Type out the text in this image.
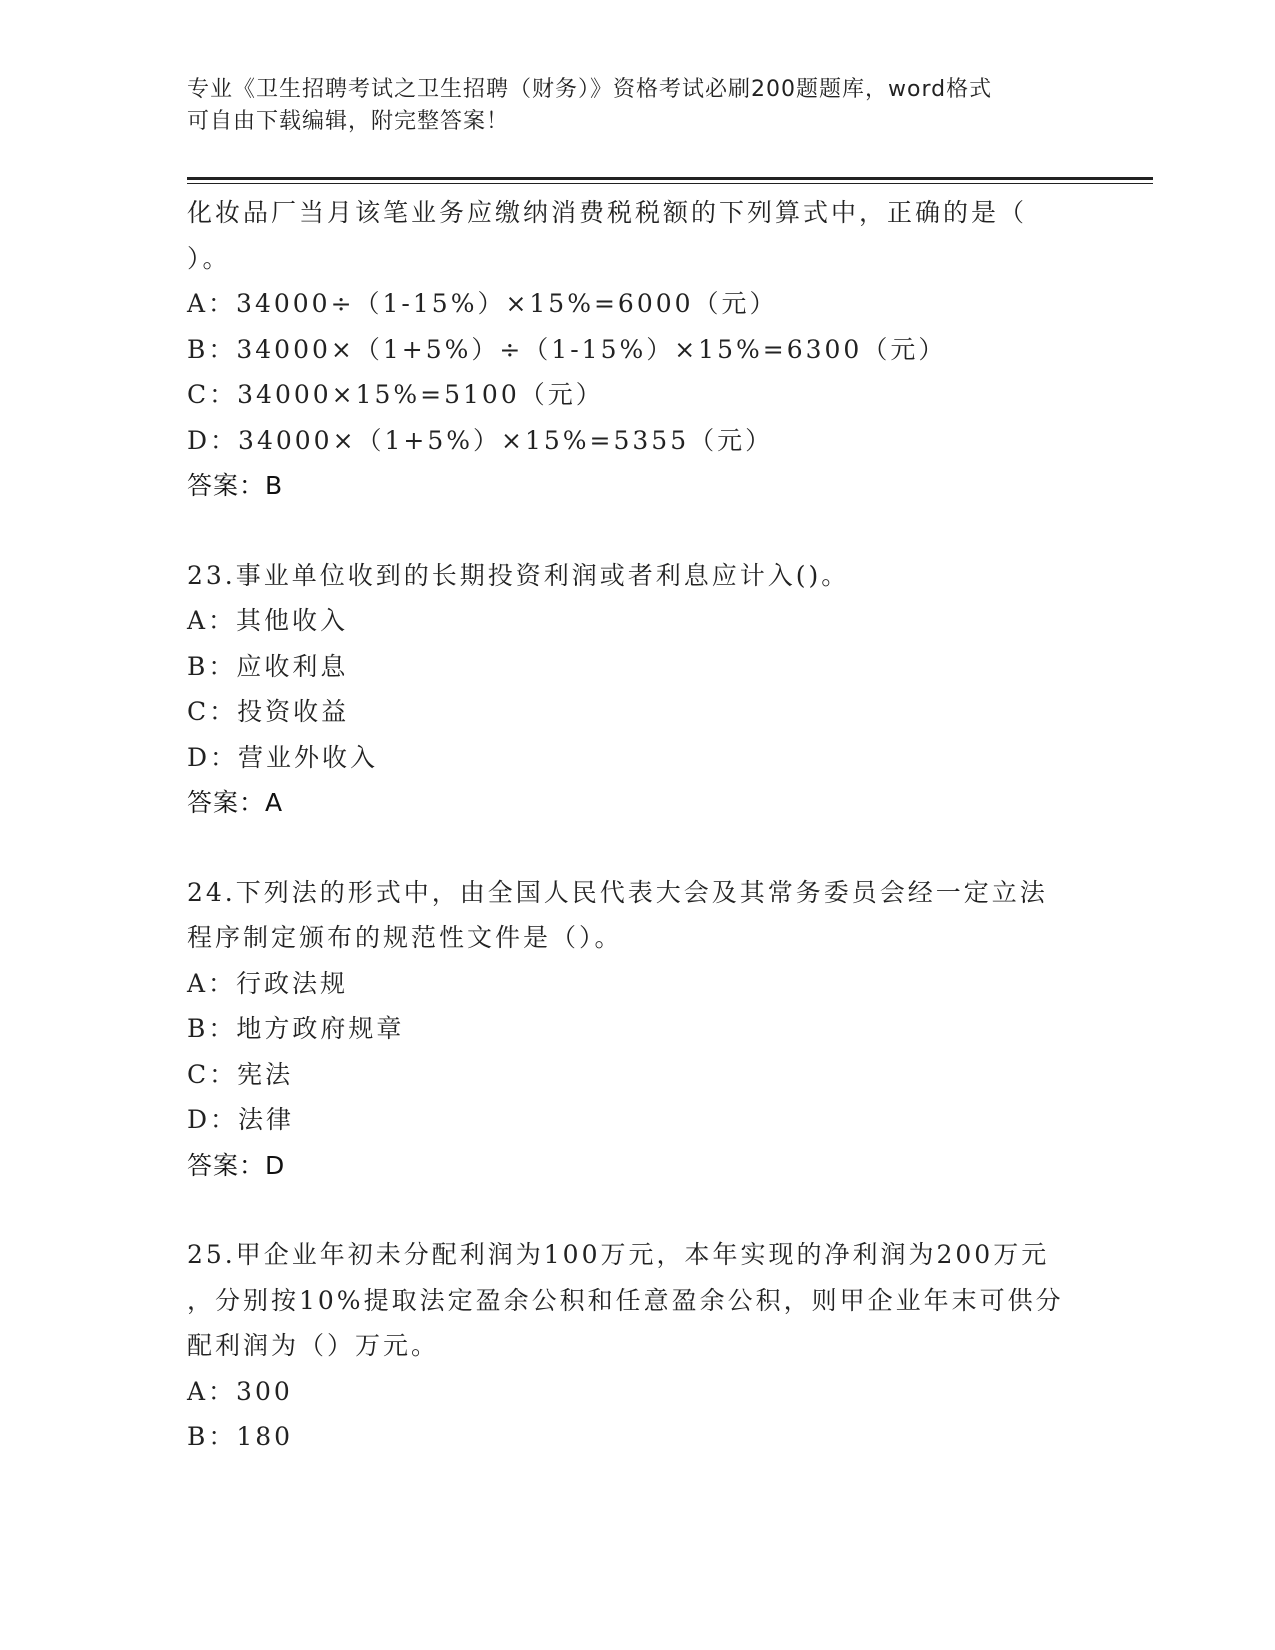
专业《卫生招聘考试之卫生招聘（财务）》资格考试必刷200题题库，word格式
可自由下载编辑，附完整答案！
化妆品厂当月该笔业务应缴纳消费税税额的下列算式中，正确的是（
）。
A：34000÷（1-15%）×15%=6000（元）
B：34000×（1+5%）÷（1-15%）×15%=6300（元）
C：34000×15%=5100（元）
D：34000×（1+5%）×15%=5355（元）
答案：B
23.事业单位收到的长期投资利润或者利息应计入()。
A：其他收入
B：应收利息
C：投资收益
D：营业外收入
答案：A
24.下列法的形式中，由全国人民代表大会及其常务委员会经一定立法
程序制定颁布的规范性文件是（）。
A：行政法规
B：地方政府规章
C：宪法
D：法律
答案：D
25.甲企业年初未分配利润为100万元，本年实现的净利润为200万元
，分别按10%提取法定盈余公积和任意盈余公积，则甲企业年末可供分
配利润为（）万元。
A：300
B：180
